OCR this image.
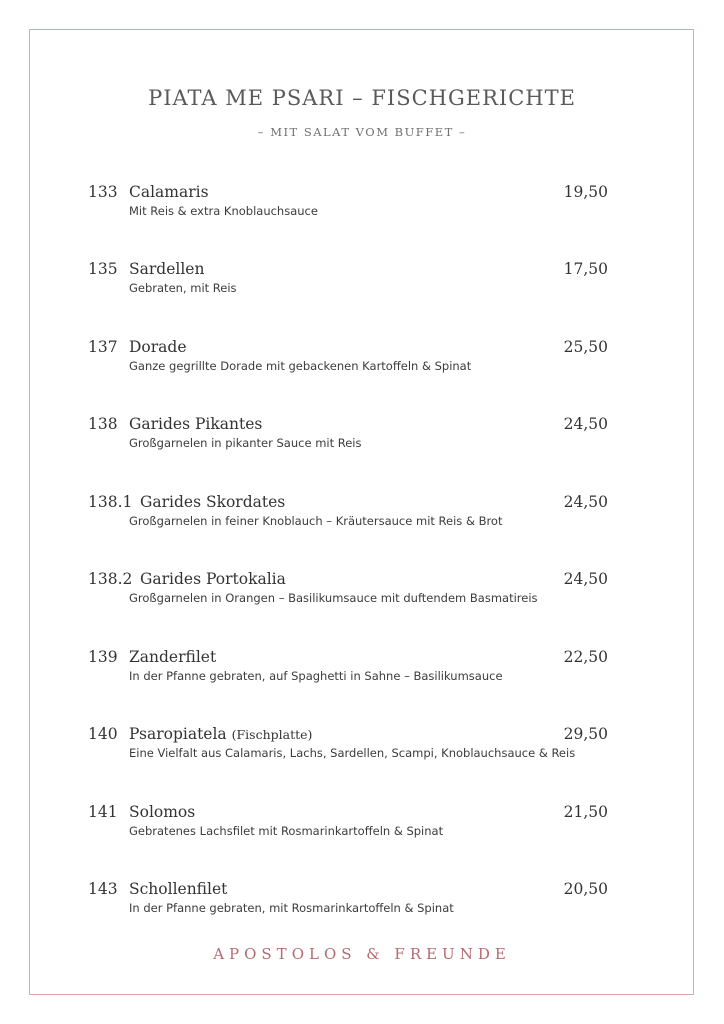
PIATA ME PSARI – FISCHGERICHTE
– MIT SALAT VOM BUFFET –
133 Calamaris	19,50
Mit Reis & extra Knoblauchsauce
135 Sardellen	17,50
Gebraten, mit Reis
137 Dorade	25,50
Ganze gegrillte Dorade mit gebackenen Kartoffeln & Spinat
138 Garides Pikantes	24,50
Großgarnelen in pikanter Sauce mit Reis
138.1 Garides Skordates	24,50
Großgarnelen in feiner Knoblauch – Kräutersauce mit Reis & Brot
138.2 Garides Portokalia	24,50
Großgarnelen in Orangen – Basilikumsauce mit duftendem Basmatireis
139 Zanderfilet	22,50
In der Pfanne gebraten, auf Spaghetti in Sahne – Basilikumsauce
140 Psaropiatela (Fischplatte)	29,50
Eine Vielfalt aus Calamaris, Lachs, Sardellen, Scampi, Knoblauchsauce & Reis
141 Solomos	21,50
Gebratenes Lachsfilet mit Rosmarinkartoffeln & Spinat
143 Schollenfilet	20,50
In der Pfanne gebraten, mit Rosmarinkartoffeln & Spinat
APOSTOLOS & FREUNDE
